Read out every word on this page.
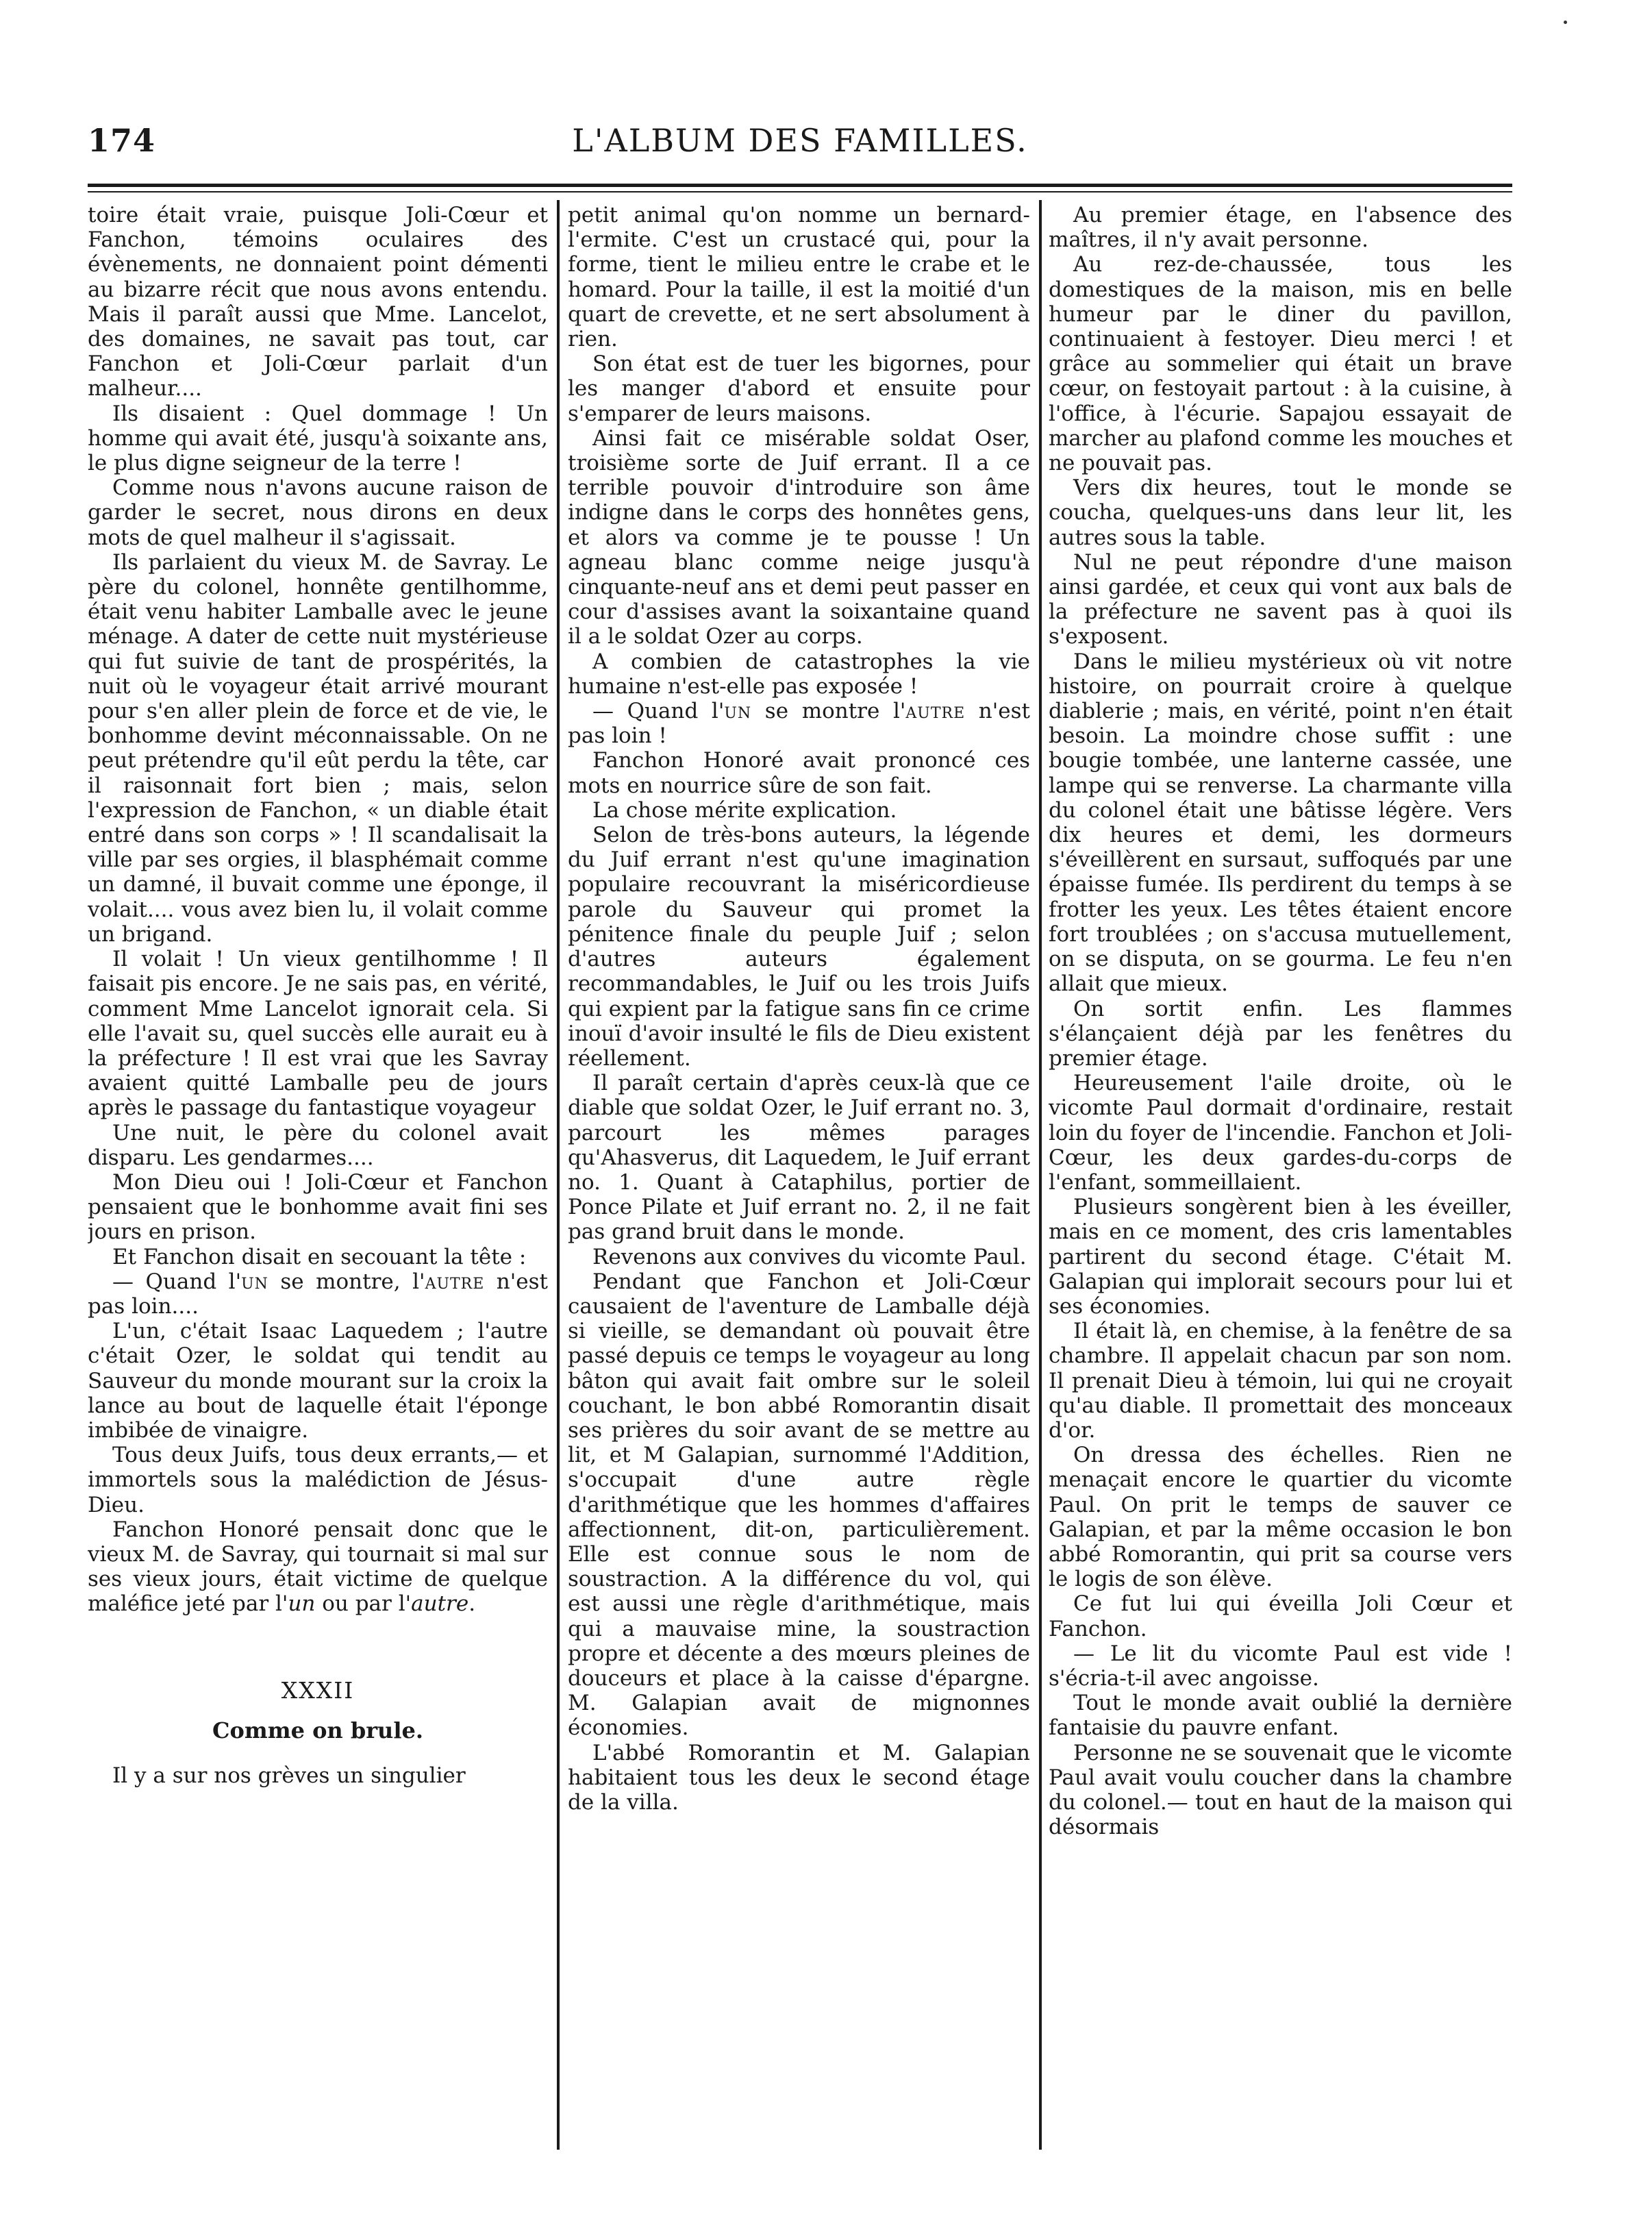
174	L'ALBUM DES FAMILLES.

toire était vraie, puisque Joli-Cœur et Fanchon, témoins oculaires des évènements, ne donnaient point démenti au bizarre récit que nous avons entendu. Mais il paraît aussi que Mme. Lancelot, des domaines, ne savait pas tout, car Fanchon et Joli-Cœur parlait d'un malheur....

Ils disaient : Quel dommage ! Un homme qui avait été, jusqu'à soixante ans, le plus digne seigneur de la terre !

Comme nous n'avons aucune raison de garder le secret, nous dirons en deux mots de quel malheur il s'agissait.

Ils parlaient du vieux M. de Savray. Le père du colonel, honnête gentilhomme, était venu habiter Lamballe avec le jeune ménage. A dater de cette nuit mystérieuse qui fut suivie de tant de prospérités, la nuit où le voyageur était arrivé mourant pour s'en aller plein de force et de vie, le bonhomme devint méconnaissable. On ne peut prétendre qu'il eût perdu la tête, car il raisonnait fort bien ; mais, selon l'expression de Fanchon, « un diable était entré dans son corps » ! Il scandalisait la ville par ses orgies, il blasphémait comme un damné, il buvait comme une éponge, il volait.... vous avez bien lu, il volait comme un brigand.

Il volait ! Un vieux gentilhomme ! Il faisait pis encore. Je ne sais pas, en vérité, comment Mme Lancelot ignorait cela. Si elle l'avait su, quel succès elle aurait eu à la préfecture ! Il est vrai que les Savray avaient quitté Lamballe peu de jours après le passage du fantastique voyageur

Une nuit, le père du colonel avait disparu. Les gendarmes....

Mon Dieu oui ! Joli-Cœur et Fanchon pensaient que le bonhomme avait fini ses jours en prison.

Et Fanchon disait en secouant la tête :

— Quand l'un se montre, l'autre n'est pas loin....

L'un, c'était Isaac Laquedem ; l'autre c'était Ozer, le soldat qui tendit au Sauveur du monde mourant sur la croix la lance au bout de laquelle était l'éponge imbibée de vinaigre.

Tous deux Juifs, tous deux errants,— et immortels sous la malédiction de Jésus-Dieu.

Fanchon Honoré pensait donc que le vieux M. de Savray, qui tournait si mal sur ses vieux jours, était victime de quelque maléfice jeté par l'un ou par l'autre.

XXXII
Comme on brule.

Il y a sur nos grèves un singulier

petit animal qu'on nomme un bernard-l'ermite. C'est un crustacé qui, pour la forme, tient le milieu entre le crabe et le homard. Pour la taille, il est la moitié d'un quart de crevette, et ne sert absolument à rien.

Son état est de tuer les bigornes, pour les manger d'abord et ensuite pour s'emparer de leurs maisons.

Ainsi fait ce misérable soldat Oser, troisième sorte de Juif errant. Il a ce terrible pouvoir d'introduire son âme indigne dans le corps des honnêtes gens, et alors va comme je te pousse ! Un agneau blanc comme neige jusqu'à cinquante-neuf ans et demi peut passer en cour d'assises avant la soixantaine quand il a le soldat Ozer au corps.

A combien de catastrophes la vie humaine n'est-elle pas exposée !

— Quand l'un se montre l'autre n'est pas loin !

Fanchon Honoré avait prononcé ces mots en nourrice sûre de son fait.

La chose mérite explication.

Selon de très-bons auteurs, la légende du Juif errant n'est qu'une imagination populaire recouvrant la miséricordieuse parole du Sauveur qui promet la pénitence finale du peuple Juif ; selon d'autres auteurs également recommandables, le Juif ou les trois Juifs qui expient par la fatigue sans fin ce crime inouï d'avoir insulté le fils de Dieu existent réellement.

Il paraît certain d'après ceux-là que ce diable que soldat Ozer, le Juif errant no. 3, parcourt les mêmes parages qu'Ahasverus, dit Laquedem, le Juif errant no. 1. Quant à Cataphilus, portier de Ponce Pilate et Juif errant no. 2, il ne fait pas grand bruit dans le monde.

Revenons aux convives du vicomte Paul.

Pendant que Fanchon et Joli-Cœur causaient de l'aventure de Lamballe déjà si vieille, se demandant où pouvait être passé depuis ce temps le voyageur au long bâton qui avait fait ombre sur le soleil couchant, le bon abbé Romorantin disait ses prières du soir avant de se mettre au lit, et M Galapian, surnommé l'Addition, s'occupait d'une autre règle d'arithmétique que les hommes d'affaires affectionnent, dit-on, particulièrement. Elle est connue sous le nom de soustraction. A la différence du vol, qui est aussi une règle d'arithmétique, mais qui a mauvaise mine, la soustraction propre et décente a des mœurs pleines de douceurs et place à la caisse d'épargne. M. Galapian avait de mignonnes économies.

L'abbé Romorantin et M. Galapian habitaient tous les deux le second étage de la villa.

Au premier étage, en l'absence des maîtres, il n'y avait personne.

Au rez-de-chaussée, tous les domestiques de la maison, mis en belle humeur par le diner du pavillon, continuaient à festoyer. Dieu merci ! et grâce au sommelier qui était un brave cœur, on festoyait partout : à la cuisine, à l'office, à l'écurie. Sapajou essayait de marcher au plafond comme les mouches et ne pouvait pas.

Vers dix heures, tout le monde se coucha, quelques-uns dans leur lit, les autres sous la table.

Nul ne peut répondre d'une maison ainsi gardée, et ceux qui vont aux bals de la préfecture ne savent pas à quoi ils s'exposent.

Dans le milieu mystérieux où vit notre histoire, on pourrait croire à quelque diablerie ; mais, en vérité, point n'en était besoin. La moindre chose suffit : une bougie tombée, une lanterne cassée, une lampe qui se renverse. La charmante villa du colonel était une bâtisse légère. Vers dix heures et demi, les dormeurs s'éveillèrent en sursaut, suffoqués par une épaisse fumée. Ils perdirent du temps à se frotter les yeux. Les têtes étaient encore fort troublées ; on s'accusa mutuellement, on se disputa, on se gourma. Le feu n'en allait que mieux.

On sortit enfin. Les flammes s'élançaient déjà par les fenêtres du premier étage.

Heureusement l'aile droite, où le vicomte Paul dormait d'ordinaire, restait loin du foyer de l'incendie. Fanchon et Joli-Cœur, les deux gardes-du-corps de l'enfant, sommeillaient.

Plusieurs songèrent bien à les éveiller, mais en ce moment, des cris lamentables partirent du second étage. C'était M. Galapian qui implorait secours pour lui et ses économies.

Il était là, en chemise, à la fenêtre de sa chambre. Il appelait chacun par son nom. Il prenait Dieu à témoin, lui qui ne croyait qu'au diable. Il promettait des monceaux d'or.

On dressa des échelles. Rien ne menaçait encore le quartier du vicomte Paul. On prit le temps de sauver ce Galapian, et par la même occasion le bon abbé Romorantin, qui prit sa course vers le logis de son élève.

Ce fut lui qui éveilla Joli Cœur et Fanchon.

— Le lit du vicomte Paul est vide ! s'écria-t-il avec angoisse.

Tout le monde avait oublié la dernière fantaisie du pauvre enfant.

Personne ne se souvenait que le vicomte Paul avait voulu coucher dans la chambre du colonel.— tout en haut de la maison qui désormais
